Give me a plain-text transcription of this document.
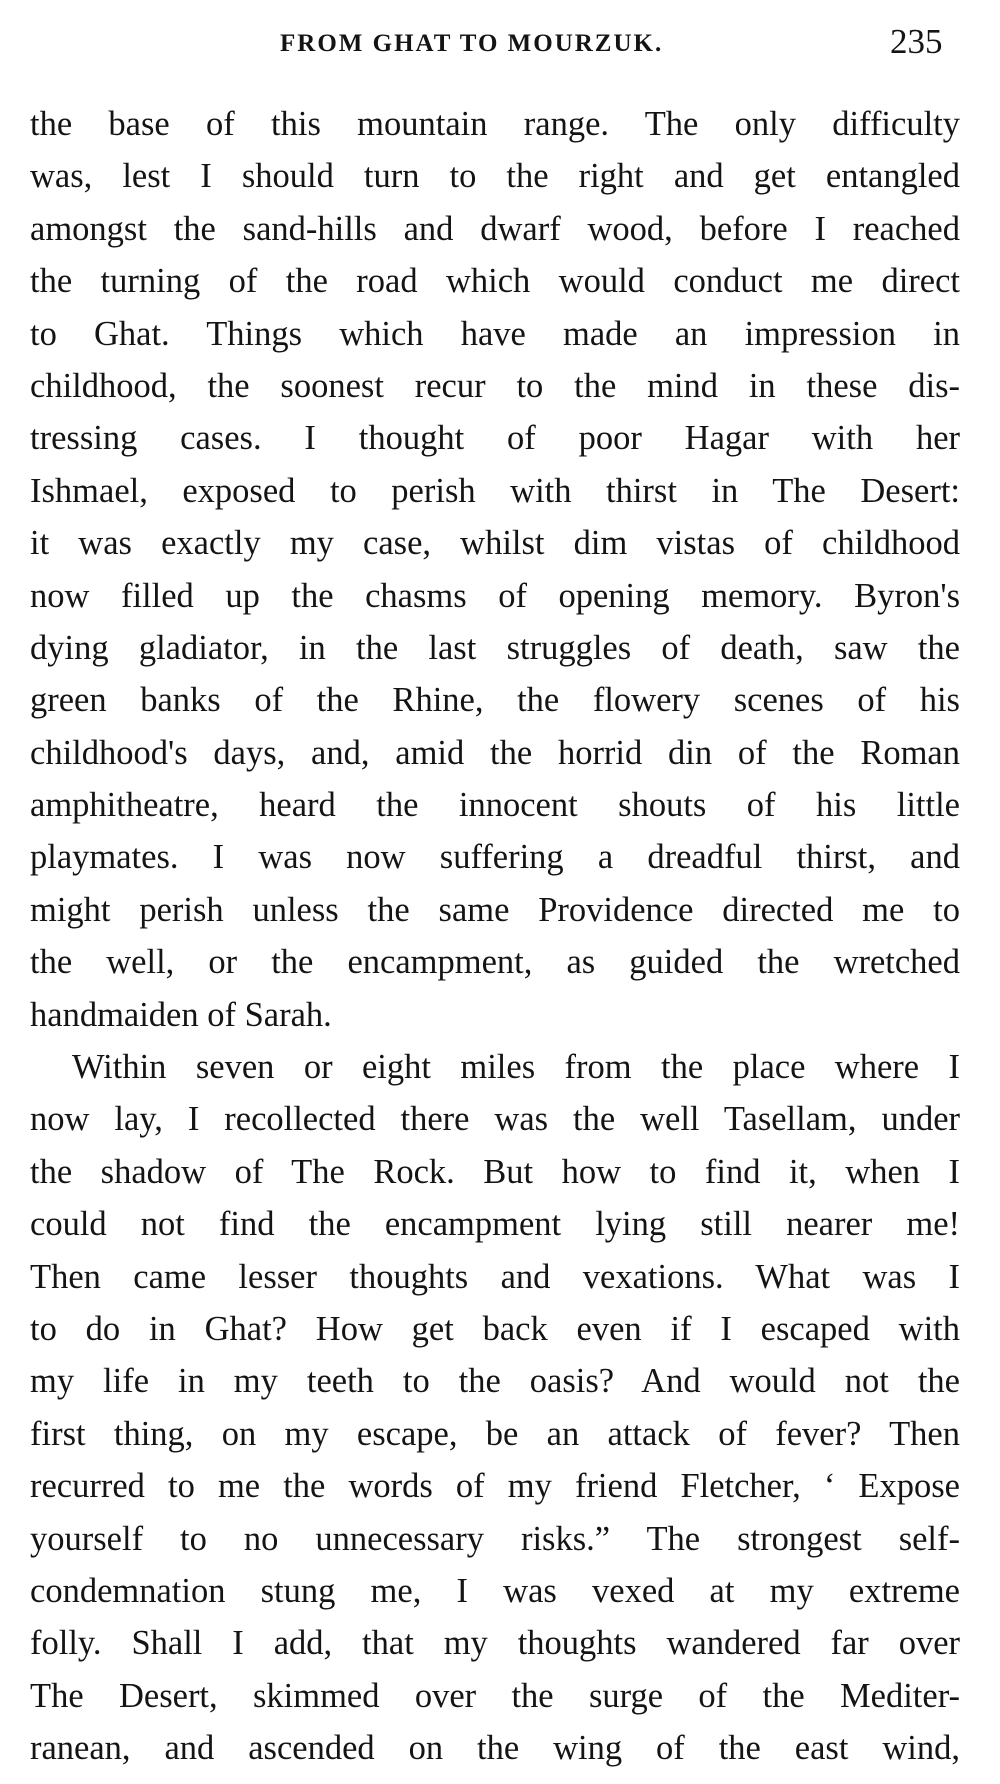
FROM GHAT TO MOURZUK.	235
the base of this mountain range. The only difficulty
was, lest I should turn to the right and get entangled
amongst the sand-hills and dwarf wood, before I reached
the turning of the road which would conduct me direct
to Ghat. Things which have made an impression in
childhood, the soonest recur to the mind in these dis-
tressing cases. I thought of poor Hagar with her
Ishmael, exposed to perish with thirst in The Desert:
it was exactly my case, whilst dim vistas of childhood
now filled up the chasms of opening memory. Byron's
dying gladiator, in the last struggles of death, saw the
green banks of the Rhine, the flowery scenes of his
childhood's days, and, amid the horrid din of the Roman
amphitheatre, heard the innocent shouts of his little
playmates. I was now suffering a dreadful thirst, and
might perish unless the same Providence directed me to
the well, or the encampment, as guided the wretched
handmaiden of Sarah.
Within seven or eight miles from the place where I
now lay, I recollected there was the well Tasellam, under
the shadow of The Rock. But how to find it, when I
could not find the encampment lying still nearer me!
Then came lesser thoughts and vexations. What was I
to do in Ghat? How get back even if I escaped with
my life in my teeth to the oasis? And would not the
first thing, on my escape, be an attack of fever? Then
recurred to me the words of my friend Fletcher, ‘ Expose
yourself to no unnecessary risks.” The strongest self-
condemnation stung me, I was vexed at my extreme
folly. Shall I add, that my thoughts wandered far over
The Desert, skimmed over the surge of the Mediter-
ranean, and ascended on the wing of the east wind,
